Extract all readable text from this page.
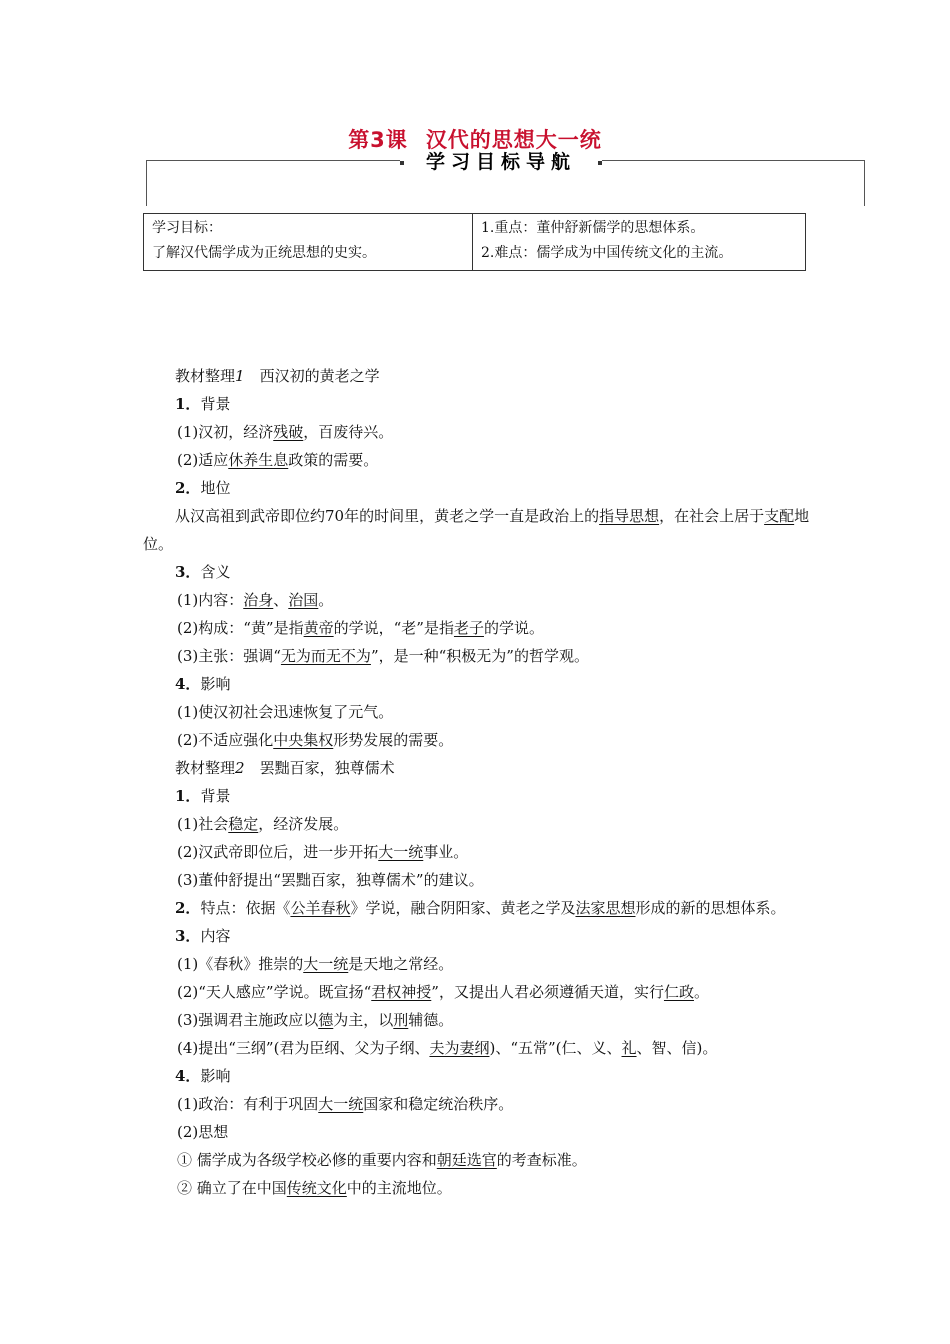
第3课 汉代的思想大一统
学习目标导航
学习目标：
了解汉代儒学成为正统思想的史实。

1.重点：董仲舒新儒学的思想体系。
2.难点：儒学成为中国传统文化的主流。

教材整理1  西汉初的黄老之学

1．背景

(1)汉初，经济残破，百废待兴。

(2)适应休养生息政策的需要。

2．地位

从汉高祖到武帝即位约70年的时间里，黄老之学一直是政治上的指导思想，在社会上居于支配地位。

3．含义

(1)内容：治身、治国。

(2)构成：“黄”是指黄帝的学说，“老”是指老子的学说。

(3)主张：强调“无为而无不为”，是一种“积极无为”的哲学观。

4．影响

(1)使汉初社会迅速恢复了元气。

(2)不适应强化中央集权形势发展的需要。

教材整理2  罢黜百家，独尊儒术

1．背景

(1)社会稳定，经济发展。

(2)汉武帝即位后，进一步开拓大一统事业。

(3)董仲舒提出“罢黜百家，独尊儒术”的建议。

2．特点：依据《公羊春秋》学说，融合阴阳家、黄老之学及法家思想形成的新的思想体系。

3．内容

(1)《春秋》推崇的大一统是天地之常经。

(2)“天人感应”学说。既宣扬“君权神授”，又提出人君必须遵循天道，实行仁政。

(3)强调君主施政应以德为主，以刑辅德。

(4)提出“三纲”(君为臣纲、父为子纲、夫为妻纲)、“五常”(仁、义、礼、智、信)。

4．影响

(1)政治：有利于巩固大一统国家和稳定统治秩序。

(2)思想

① 儒学成为各级学校必修的重要内容和朝廷选官的考查标准。

② 确立了在中国传统文化中的主流地位。
